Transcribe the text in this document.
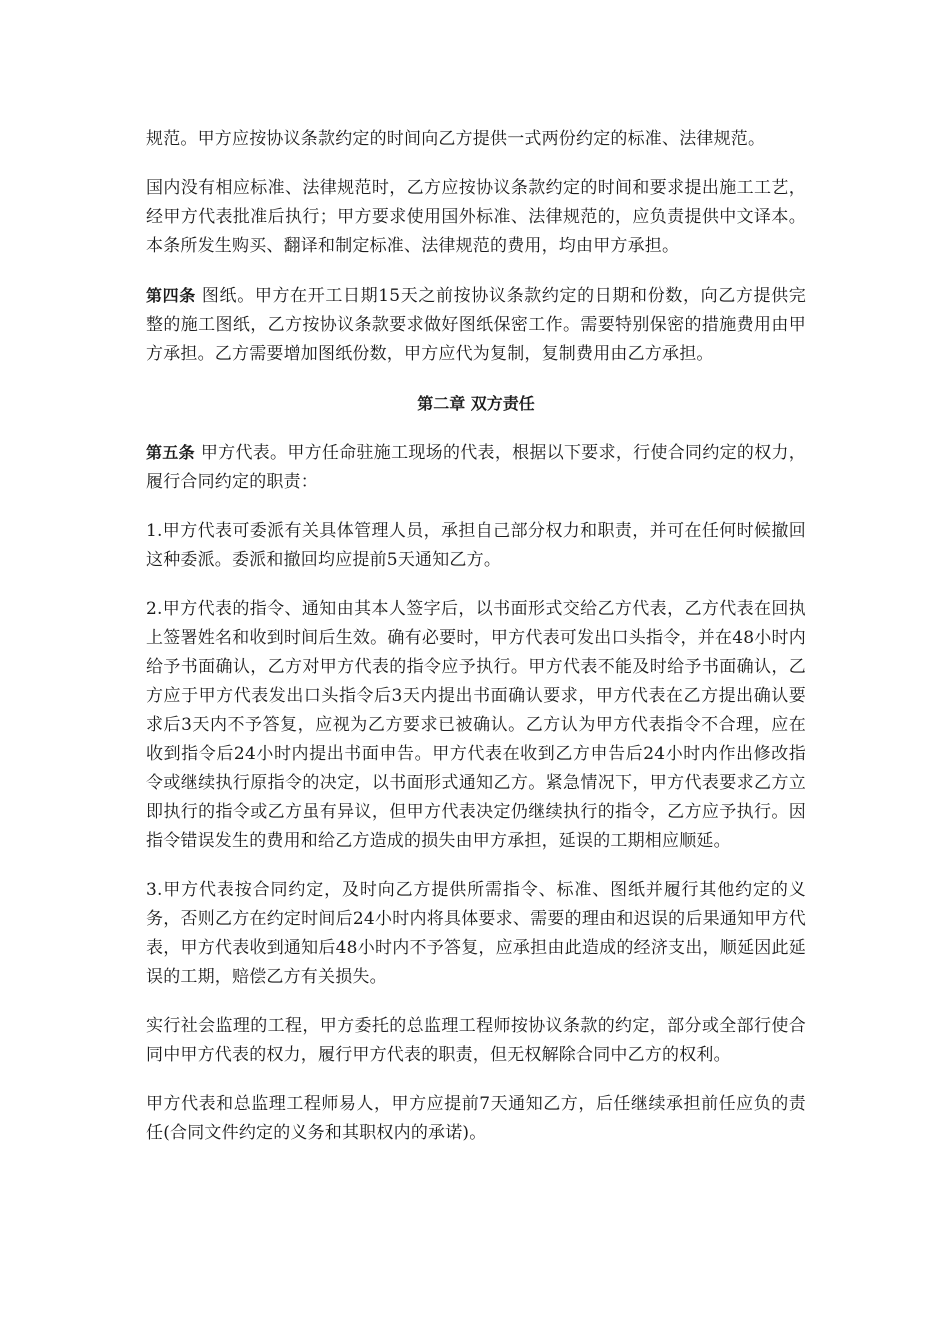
规范。甲方应按协议条款约定的时间向乙方提供一式两份约定的标准、法律规范。

国内没有相应标准、法律规范时，乙方应按协议条款约定的时间和要求提出施工工艺，经甲方代表批准后执行；甲方要求使用国外标准、法律规范的，应负责提供中文译本。本条所发生购买、翻译和制定标准、法律规范的费用，均由甲方承担。

第四条 图纸。甲方在开工日期15天之前按协议条款约定的日期和份数，向乙方提供完整的施工图纸，乙方按协议条款要求做好图纸保密工作。需要特别保密的措施费用由甲方承担。乙方需要增加图纸份数，甲方应代为复制，复制费用由乙方承担。

第二章 双方责任

第五条 甲方代表。甲方任命驻施工现场的代表，根据以下要求，行使合同约定的权力，履行合同约定的职责：

1.甲方代表可委派有关具体管理人员，承担自己部分权力和职责，并可在任何时候撤回这种委派。委派和撤回均应提前5天通知乙方。

2.甲方代表的指令、通知由其本人签字后，以书面形式交给乙方代表，乙方代表在回执上签署姓名和收到时间后生效。确有必要时，甲方代表可发出口头指令，并在48小时内给予书面确认，乙方对甲方代表的指令应予执行。甲方代表不能及时给予书面确认，乙方应于甲方代表发出口头指令后3天内提出书面确认要求，甲方代表在乙方提出确认要求后3天内不予答复，应视为乙方要求已被确认。乙方认为甲方代表指令不合理，应在收到指令后24小时内提出书面申告。甲方代表在收到乙方申告后24小时内作出修改指令或继续执行原指令的决定，以书面形式通知乙方。紧急情况下，甲方代表要求乙方立即执行的指令或乙方虽有异议，但甲方代表决定仍继续执行的指令，乙方应予执行。因指令错误发生的费用和给乙方造成的损失由甲方承担，延误的工期相应顺延。

3.甲方代表按合同约定，及时向乙方提供所需指令、标准、图纸并履行其他约定的义务，否则乙方在约定时间后24小时内将具体要求、需要的理由和迟误的后果通知甲方代表，甲方代表收到通知后48小时内不予答复，应承担由此造成的经济支出，顺延因此延误的工期，赔偿乙方有关损失。

实行社会监理的工程，甲方委托的总监理工程师按协议条款的约定，部分或全部行使合同中甲方代表的权力，履行甲方代表的职责，但无权解除合同中乙方的权利。

甲方代表和总监理工程师易人，甲方应提前7天通知乙方，后任继续承担前任应负的责任(合同文件约定的义务和其职权内的承诺)。
